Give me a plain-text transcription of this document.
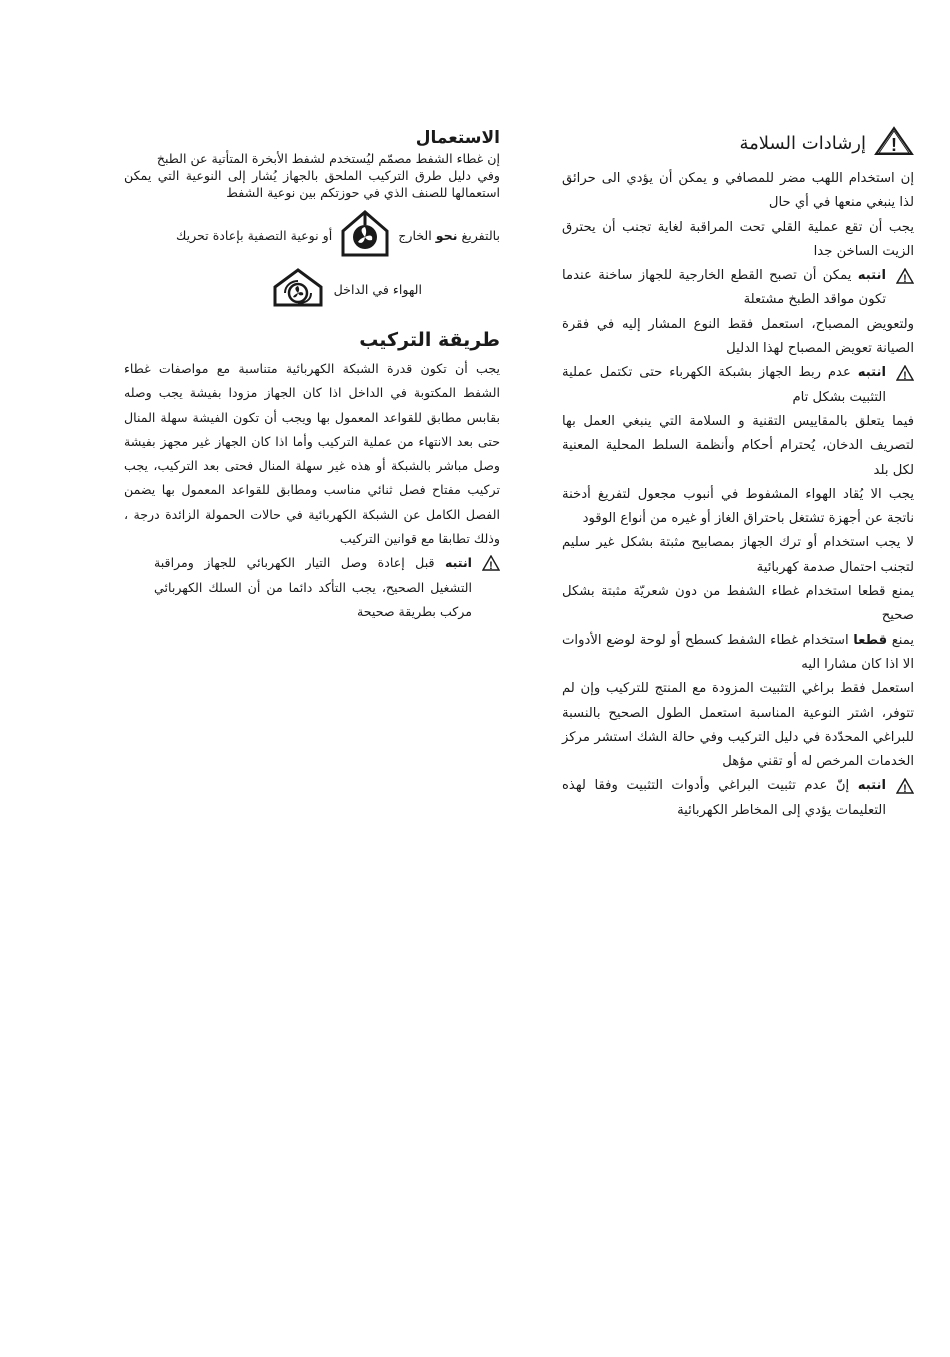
!
إرشادات السلامة

إن استخدام اللهب مضر للمصافي و يمكن أن يؤدي الى حرائق لذا ينبغي منعها في أي حال

يجب أن تقع عملية القلي تحت المراقبة لغاية تجنب أن يحترق الزيت الساخن جدا

!

انتبه يمكن أن تصبح القطع الخارجية للجهاز ساخنة عندما تكون مواقد الطبخ مشتعلة

ولتعويض المصباح، استعمل فقط النوع المشار إليه في فقرة الصيانة تعويض المصباح لهذا الدليل

!

انتبه عدم ربط الجهاز بشبكة الكهرباء حتى تكتمل عملية التثبيت بشكل تام

فيما يتعلق بالمقاييس التقنية و السلامة التي ينبغي العمل بها لتصريف الدخان، يُحترام أحكام وأنظمة السلط المحلية المعنية لكل بلد

يجب الا يُقاد الهواء المشفوط في أنبوب مجعول لتفريغ أدخنة ناتجة عن أجهزة تشتغل باحتراق الغاز أو غيره من أنواع الوقود

لا يجب استخدام أو ترك الجهاز بمصابيح مثبتة بشكل غير سليم لتجنب احتمال صدمة كهربائية

يمنع قطعا استخدام غطاء الشفط من دون شعريّة مثبتة بشكل صحيح

يمنع قطعا استخدام غطاء الشفط كسطح أو لوحة لوضع الأدوات الا اذا كان مشارا اليه

استعمل فقط براغي التثبيت المزودة مع المنتج للتركيب وإن لم تتوفر، اشتر النوعية المناسبة استعمل الطول الصحيح بالنسبة للبراغي المحدّدة في دليل التركيب وفي حالة الشك استشر مركز الخدمات المرخص له أو تقني مؤهل

!

انتبه إنّ عدم تثبيت البراغي وأدوات التثبيت وفقا لهذه التعليمات يؤدي إلى المخاطر الكهربائية

الاستعمال

إن غطاء الشفط مصمّم ليُستخدم لشفط الأبخرة المتأتية عن الطبخ

وفي دليل طرق التركيب الملحق بالجهاز يُشار إلى النوعية التي يمكن استعمالها للصنف الذي في حوزتكم بين نوعية الشفط

بالتفريغ نحو الخارج

أو نوعية التصفية بإعادة تحريك

الهواء في الداخل

طريقة التركيب

يجب أن تكون قدرة الشبكة الكهربائية متناسبة مع مواصفات غطاء الشفط المكتوبة في الداخل اذا كان الجهاز مزودا بفيشة يجب وصله بقابس مطابق للقواعد المعمول بها ويجب أن تكون الفيشة سهلة المنال حتى بعد الانتهاء من عملية التركيب وأما اذا كان الجهاز غير مجهز بفيشة وصل مباشر بالشبكة أو هذه غير سهلة المنال فحتى بعد التركيب، يجب تركيب مفتاح فصل ثنائي مناسب ومطابق للقواعد المعمول بها يضمن الفصل الكامل عن الشبكة الكهربائية في حالات الحمولة الزائدة درجة ، وذلك تطابقا مع قوانين التركيب

!

انتبه قبل إعادة وصل التيار الكهربائي للجهاز ومراقبة التشغيل الصحيح، يجب التأكد دائما من أن السلك الكهربائي مركب بطريقة صحيحة
